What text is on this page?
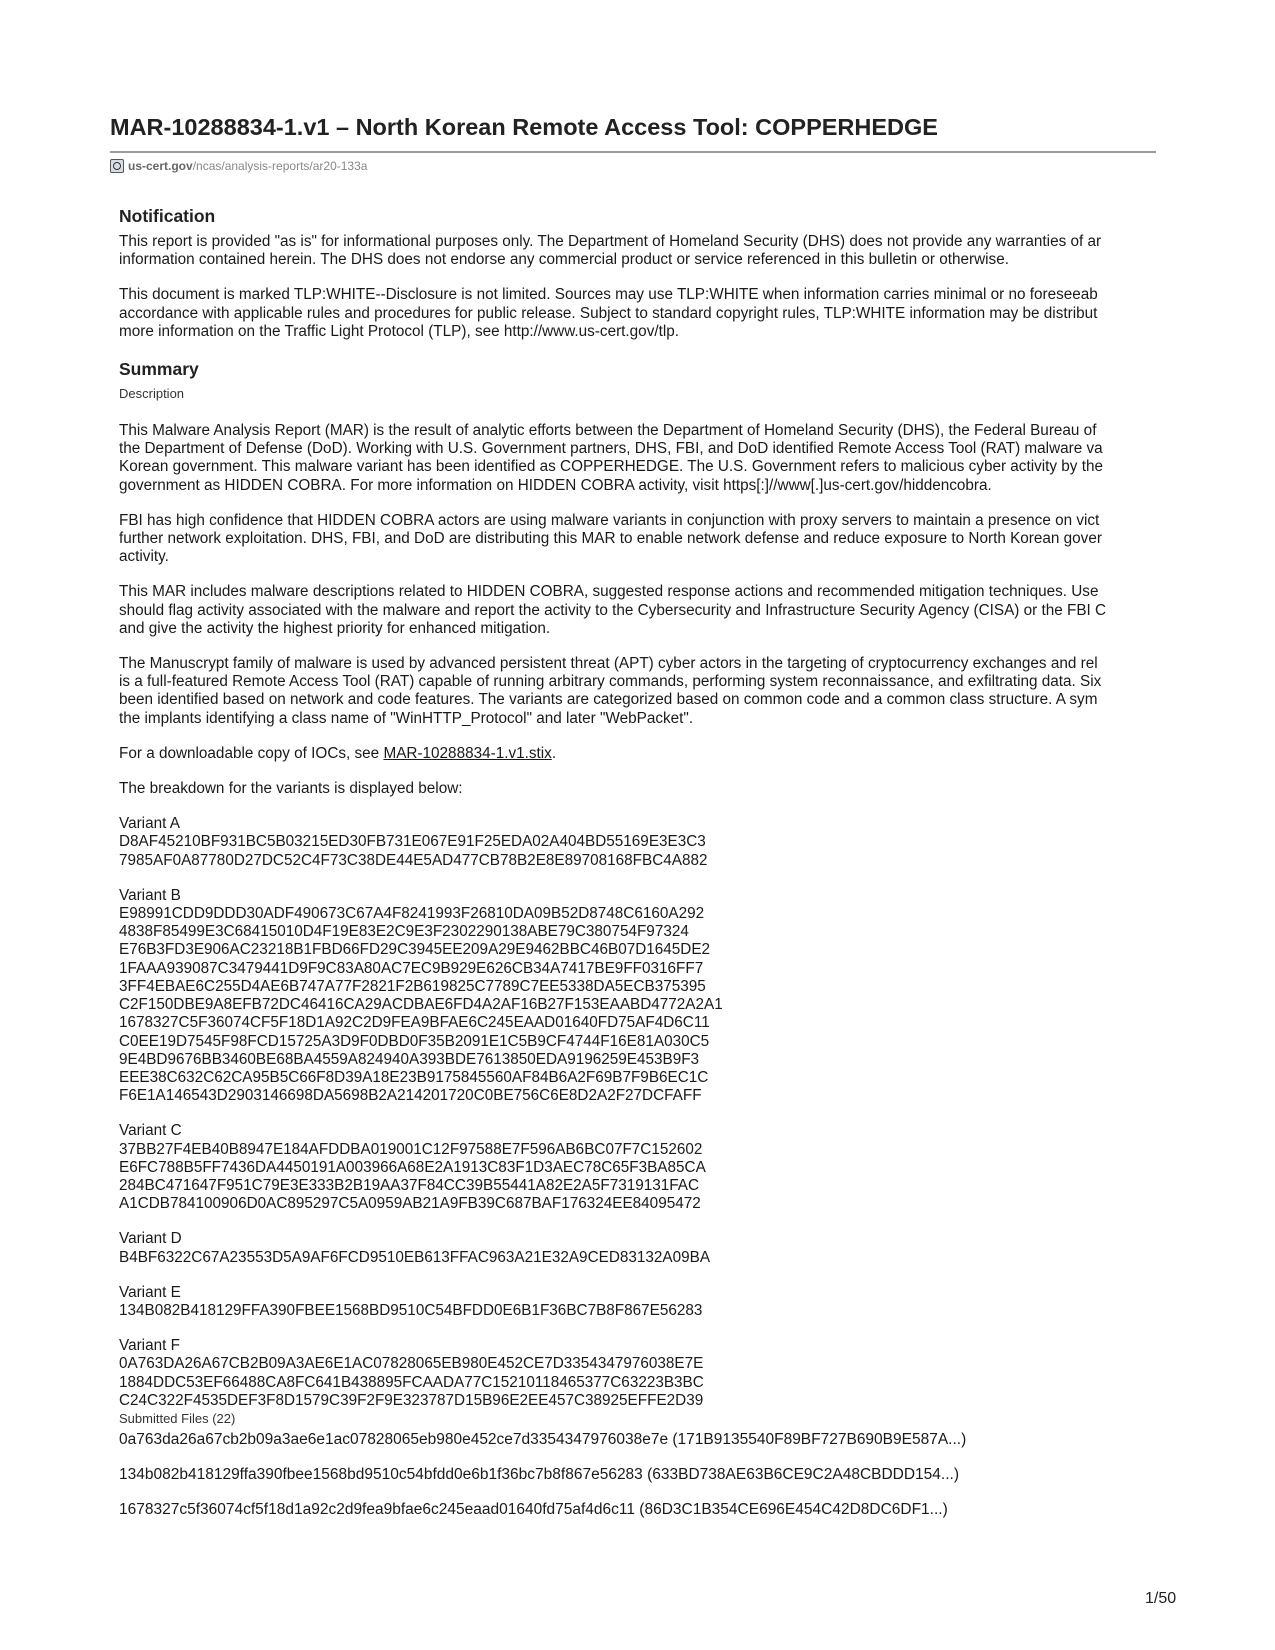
MAR-10288834-1.v1 – North Korean Remote Access Tool: COPPERHEDGE
us-cert.gov /ncas/analysis-reports/ar20-133a
Notification

This report is provided "as is" for informational purposes only. The Department of Homeland Security (DHS) does not provide any warranties of ar

information contained herein. The DHS does not endorse any commercial product or service referenced in this bulletin or otherwise.

This document is marked TLP:WHITE--Disclosure is not limited. Sources may use TLP:WHITE when information carries minimal or no foreseeab

accordance with applicable rules and procedures for public release. Subject to standard copyright rules, TLP:WHITE information may be distribut

more information on the Traffic Light Protocol (TLP), see http://www.us-cert.gov/tlp.

Summary

Description

This Malware Analysis Report (MAR) is the result of analytic efforts between the Department of Homeland Security (DHS), the Federal Bureau of

the Department of Defense (DoD). Working with U.S. Government partners, DHS, FBI, and DoD identified Remote Access Tool (RAT) malware va

Korean government. This malware variant has been identified as COPPERHEDGE. The U.S. Government refers to malicious cyber activity by the

government as HIDDEN COBRA. For more information on HIDDEN COBRA activity, visit https[:]//www[.]us-cert.gov/hiddencobra.

FBI has high confidence that HIDDEN COBRA actors are using malware variants in conjunction with proxy servers to maintain a presence on vict

further network exploitation. DHS, FBI, and DoD are distributing this MAR to enable network defense and reduce exposure to North Korean gover

activity.

This MAR includes malware descriptions related to HIDDEN COBRA, suggested response actions and recommended mitigation techniques. Use

should flag activity associated with the malware and report the activity to the Cybersecurity and Infrastructure Security Agency (CISA) or the FBI C

and give the activity the highest priority for enhanced mitigation.

The Manuscrypt family of malware is used by advanced persistent threat (APT) cyber actors in the targeting of cryptocurrency exchanges and rel

is a full-featured Remote Access Tool (RAT) capable of running arbitrary commands, performing system reconnaissance, and exfiltrating data. Six

been identified based on network and code features. The variants are categorized based on common code and a common class structure. A sym

the implants identifying a class name of "WinHTTP_Protocol" and later "WebPacket".

For a downloadable copy of IOCs, see MAR-10288834-1.v1.stix.

The breakdown for the variants is displayed below:

Variant A

D8AF45210BF931BC5B03215ED30FB731E067E91F25EDA02A404BD55169E3E3C3

7985AF0A87780D27DC52C4F73C38DE44E5AD477CB78B2E8E89708168FBC4A882

Variant B

E98991CDD9DDD30ADF490673C67A4F8241993F26810DA09B52D8748C6160A292

4838F85499E3C68415010D4F19E83E2C9E3F2302290138ABE79C380754F97324

E76B3FD3E906AC23218B1FBD66FD29C3945EE209A29E9462BBC46B07D1645DE2

1FAAA939087C3479441D9F9C83A80AC7EC9B929E626CB34A7417BE9FF0316FF7

3FF4EBAE6C255D4AE6B747A77F2821F2B619825C7789C7EE5338DA5ECB375395

C2F150DBE9A8EFB72DC46416CA29ACDBAE6FD4A2AF16B27F153EAABD4772A2A1

1678327C5F36074CF5F18D1A92C2D9FEA9BFAE6C245EAAD01640FD75AF4D6C11

C0EE19D7545F98FCD15725A3D9F0DBD0F35B2091E1C5B9CF4744F16E81A030C5

9E4BD9676BB3460BE68BA4559A824940A393BDE7613850EDA9196259E453B9F3

EEE38C632C62CA95B5C66F8D39A18E23B9175845560AF84B6A2F69B7F9B6EC1C

F6E1A146543D2903146698DA5698B2A214201720C0BE756C6E8D2A2F27DCFAFF

Variant C

37BB27F4EB40B8947E184AFDDBA019001C12F97588E7F596AB6BC07F7C152602

E6FC788B5FF7436DA4450191A003966A68E2A1913C83F1D3AEC78C65F3BA85CA

284BC471647F951C79E3E333B2B19AA37F84CC39B55441A82E2A5F7319131FAC

A1CDB784100906D0AC895297C5A0959AB21A9FB39C687BAF176324EE84095472

Variant D

B4BF6322C67A23553D5A9AF6FCD9510EB613FFAC963A21E32A9CED83132A09BA

Variant E

134B082B418129FFA390FBEE1568BD9510C54BFDD0E6B1F36BC7B8F867E56283

Variant F

0A763DA26A67CB2B09A3AE6E1AC07828065EB980E452CE7D3354347976038E7E

1884DDC53EF66488CA8FC641B438895FCAADA77C15210118465377C63223B3BC

C24C322F4535DEF3F8D1579C39F2F9E323787D15B96E2EE457C38925EFFE2D39

Submitted Files (22)

0a763da26a67cb2b09a3ae6e1ac07828065eb980e452ce7d3354347976038e7e (171B9135540F89BF727B690B9E587A...)

134b082b418129ffa390fbee1568bd9510c54bfdd0e6b1f36bc7b8f867e56283 (633BD738AE63B6CE9C2A48CBDDD154...)

1678327c5f36074cf5f18d1a92c2d9fea9bfae6c245eaad01640fd75af4d6c11 (86D3C1B354CE696E454C42D8DC6DF1...)

1/50
